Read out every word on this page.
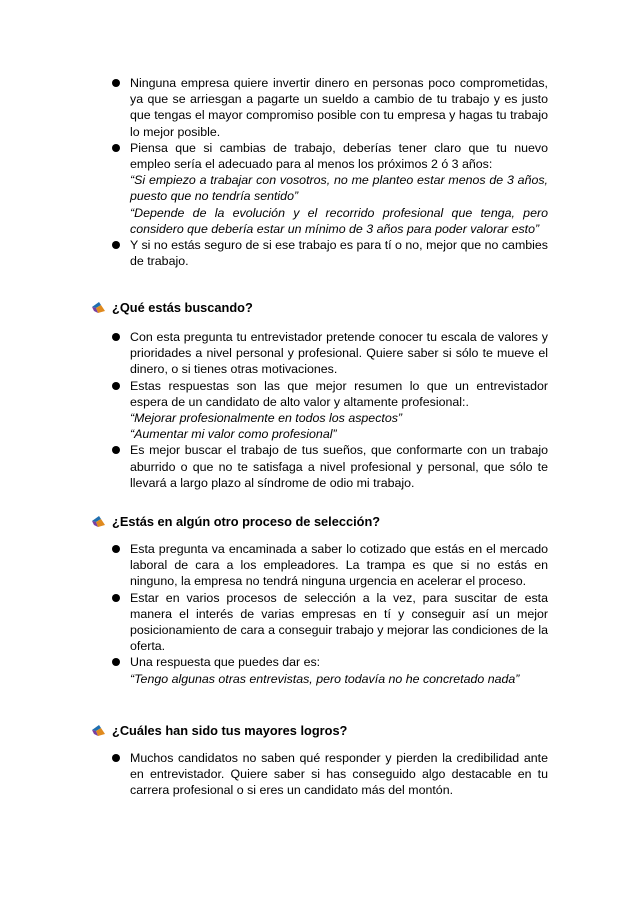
Ninguna empresa quiere invertir dinero en personas poco comprometidas, ya que se arriesgan a pagarte un sueldo a cambio de tu trabajo y es justo que tengas el mayor compromiso posible con tu empresa y hagas tu trabajo lo mejor posible.
Piensa que si cambias de trabajo, deberías tener claro que tu nuevo empleo sería el adecuado para al menos los próximos 2 ó 3 años:
“Si empiezo a trabajar con vosotros, no me planteo estar menos de 3 años, puesto que no tendría sentido”
“Depende de la evolución y el recorrido profesional que tenga, pero considero que debería estar un mínimo de 3 años para poder valorar esto”
Y si no estás seguro de si ese trabajo es para tí o no, mejor que no cambies de trabajo.
¿Qué estás buscando?
Con esta pregunta tu entrevistador pretende conocer tu escala de valores y prioridades a nivel personal y profesional. Quiere saber si sólo te mueve el dinero, o si tienes otras motivaciones.
Estas respuestas son las que mejor resumen lo que un entrevistador espera de un candidato de alto valor y altamente profesional:.
“Mejorar profesionalmente en todos los aspectos”
“Aumentar mi valor como profesional”
Es mejor buscar el trabajo de tus sueños, que conformarte con un trabajo aburrido o que no te satisfaga a nivel profesional y personal, que sólo te llevará a largo plazo al síndrome de odio mi trabajo.
¿Estás en algún otro proceso de selección?
Esta pregunta va encaminada a saber lo cotizado que estás en el mercado laboral de cara a los empleadores. La trampa es que si no estás en ninguno, la empresa no tendrá ninguna urgencia en acelerar el proceso.
Estar en varios procesos de selección a la vez, para suscitar de esta manera el interés de varias empresas en tí y conseguir así un mejor posicionamiento de cara a conseguir trabajo y mejorar las condiciones de la oferta.
Una respuesta que puedes dar es:
“Tengo algunas otras entrevistas, pero todavía no he concretado nada”
¿Cuáles han sido tus mayores logros?
Muchos candidatos no saben qué responder y pierden la credibilidad ante en entrevistador. Quiere saber si has conseguido algo destacable en tu carrera profesional o si eres un candidato más del montón.
